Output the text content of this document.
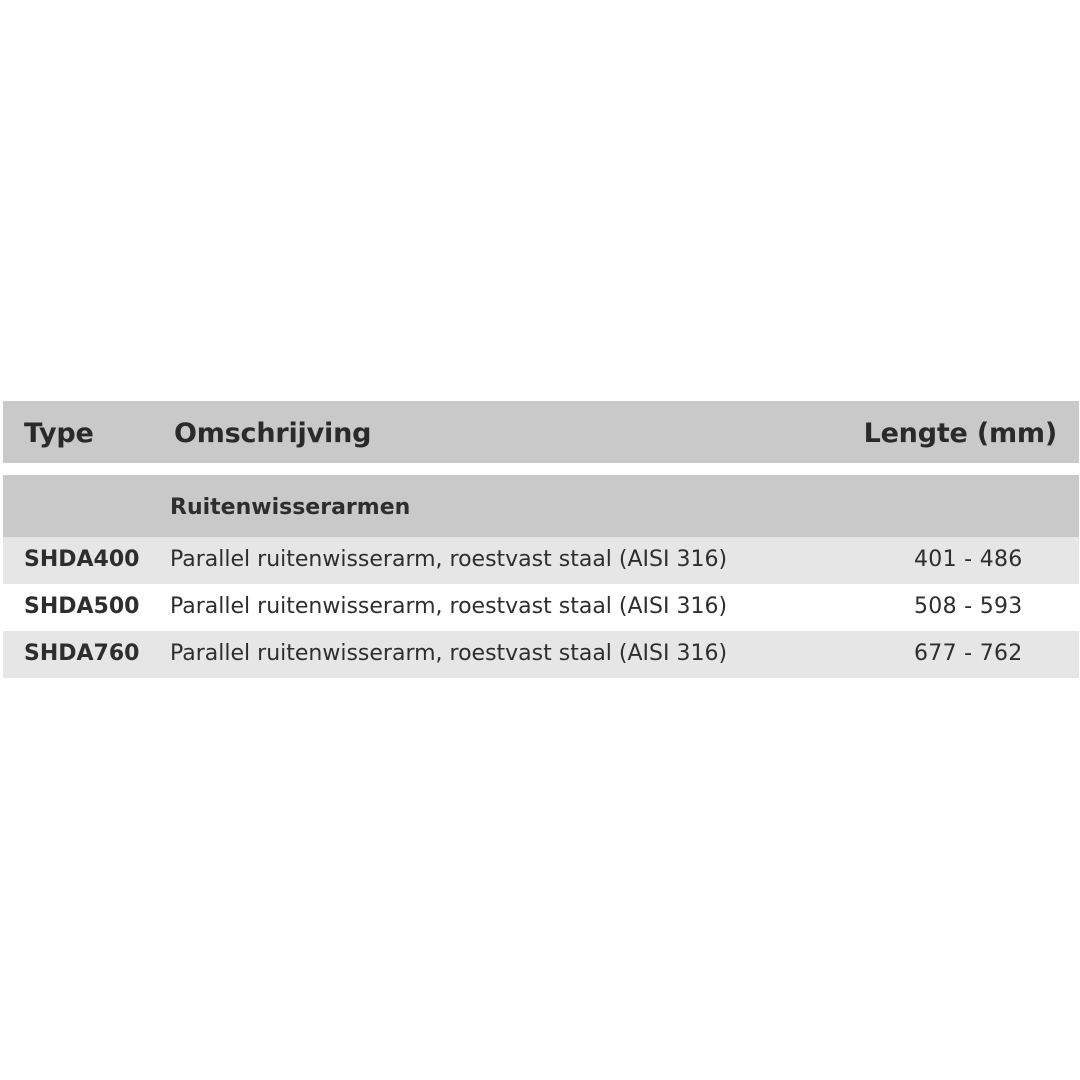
Type	Omschrijving	Lengte (mm)
Ruitenwisserarmen
SHDA400 Parallel ruitenwisserarm, roestvast staal (AISI 316)	401 - 486
SHDA500 Parallel ruitenwisserarm, roestvast staal (AISI 316)	508 - 593
SHDA760 Parallel ruitenwisserarm, roestvast staal (AISI 316)	677 - 762
